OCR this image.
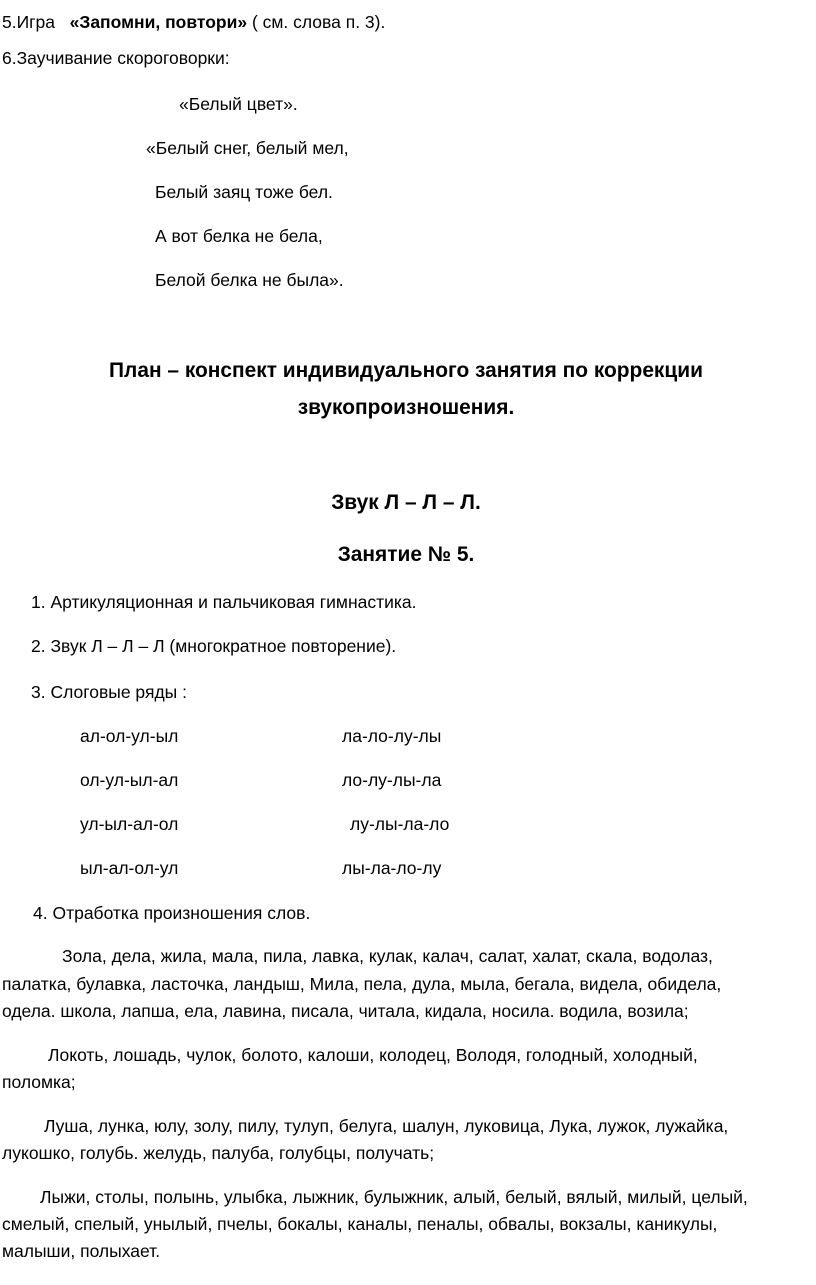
5.Игра «Запомни, повтори» ( см. слова п. 3).
6.Заучивание скороговорки:
«Белый цвет».
«Белый снег, белый мел,
Белый заяц тоже бел.
А вот белка не бела,
Белой белка не была».
План – конспект индивидуального занятия по коррекции
звукопроизношения.
Звук Л – Л – Л.
Занятие № 5.
1. Артикуляционная и пальчиковая гимнастика.
2. Звук Л – Л – Л (многократное повторение).
3. Слоговые ряды :
ал-ол-ул-ыл	ла-ло-лу-лы
ол-ул-ыл-ал	ло-лу-лы-ла
ул-ыл-ал-ол	лу-лы-ла-ло
ыл-ал-ол-ул	лы-ла-ло-лу
4. Отработка произношения слов.
Зола, дела, жила, мала, пила, лавка, кулак, калач, салат, халат, скала, водолаз,
палатка, булавка, ласточка, ландыш, Мила, пела, дула, мыла, бегала, видела, обидела,
одела. школа, лапша, ела, лавина, писала, читала, кидала, носила. водила, возила;
Локоть, лошадь, чулок, болото, калоши, колодец, Володя, голодный, холодный,
поломка;
Луша, лунка, юлу, золу, пилу, тулуп, белуга, шалун, луковица, Лука, лужок, лужайка,
лукошко, голубь. желудь, палуба, голубцы, получать;
Лыжи, столы, полынь, улыбка, лыжник, булыжник, алый, белый, вялый, милый, целый,
смелый, спелый, унылый, пчелы, бокалы, каналы, пеналы, обвалы, вокзалы, каникулы,
малыши, полыхает.
